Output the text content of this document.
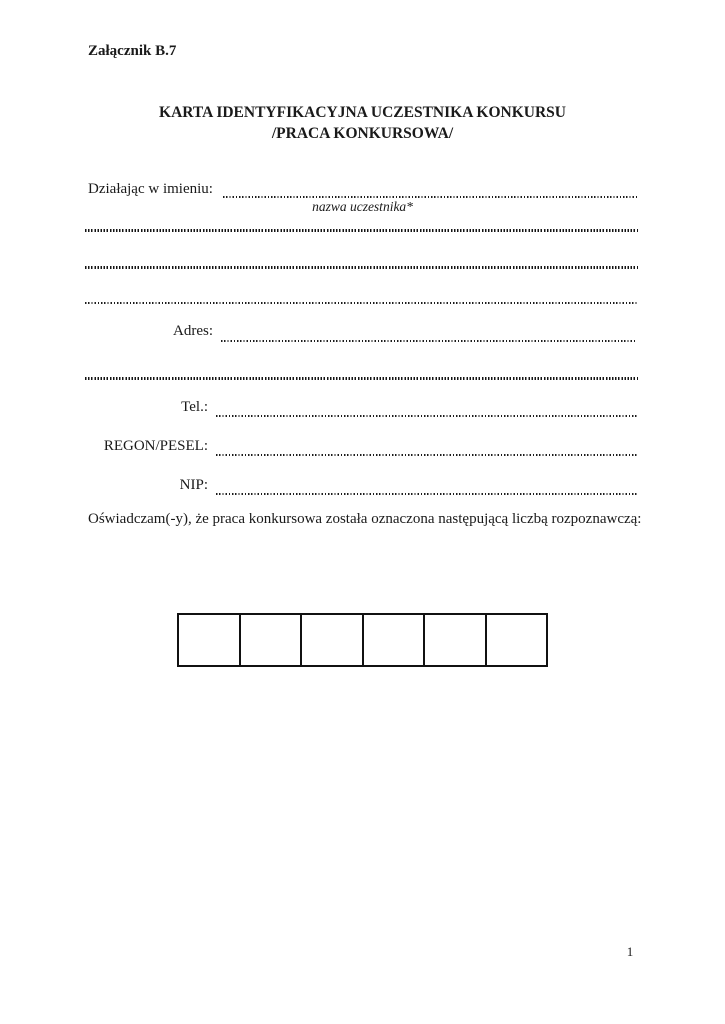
Załącznik B.7
KARTA IDENTYFIKACYJNA UCZESTNIKA KONKURSU
/PRACA KONKURSOWA/
Działając w imieniu:
nazwa uczestnika*
Adres:
Tel.:
REGON/PESEL:
NIP:
Oświadczam(-y), że praca konkursowa została oznaczona następującą liczbą rozpoznawczą:
1
